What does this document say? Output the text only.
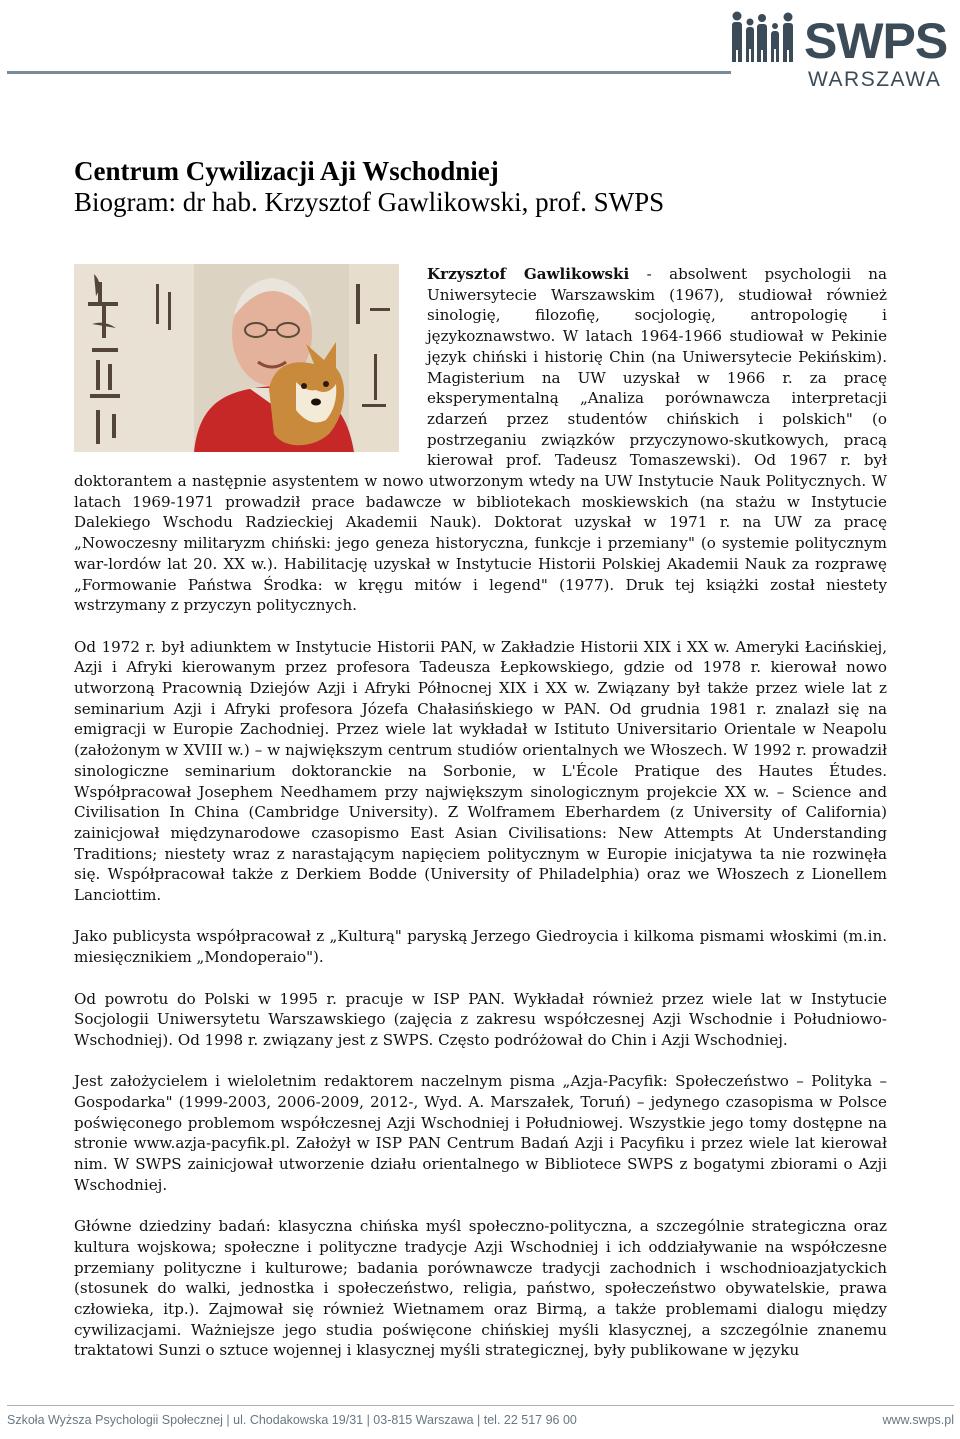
SWPS
WARSZAWA
Centrum Cywilizacji Aji Wschodniej
Biogram: dr hab. Krzysztof Gawlikowski, prof. SWPS

Krzysztof Gawlikowski - absolwent psychologii na Uniwersytecie Warszawskim (1967), studiował również sinologię, filozofię, socjologię, antropologię i językoznawstwo. W latach 1964-1966 studiował w Pekinie język chiński i historię Chin (na Uniwersytecie Pekińskim). Magisterium na UW uzyskał w 1966 r. za pracę eksperymentalną „Analiza porównawcza interpretacji zdarzeń przez studentów chińskich i polskich" (o postrzeganiu związków przyczynowo-skutkowych, pracą kierował prof. Tadeusz Tomaszewski). Od 1967 r. był doktorantem a następnie asystentem w nowo utworzonym wtedy na UW Instytucie Nauk Politycznych. W latach 1969-1971 prowadził prace badawcze w bibliotekach moskiewskich (na stażu w Instytucie Dalekiego Wschodu Radzieckiej Akademii Nauk). Doktorat uzyskał w 1971 r. na UW za pracę „Nowoczesny militaryzm chiński: jego geneza historyczna, funkcje i przemiany" (o systemie politycznym war-lordów lat 20. XX w.). Habilitację uzyskał w Instytucie Historii Polskiej Akademii Nauk za rozprawę „Formowanie Państwa Środka: w kręgu mitów i legend" (1977). Druk tej książki został niestety wstrzymany z przyczyn politycznych.

Od 1972 r. był adiunktem w Instytucie Historii PAN, w Zakładzie Historii XIX i XX w. Ameryki Łacińskiej, Azji i Afryki kierowanym przez profesora Tadeusza Łepkowskiego, gdzie od 1978 r. kierował nowo utworzoną Pracownią Dziejów Azji i Afryki Północnej XIX i XX w. Związany był także przez wiele lat z seminarium Azji i Afryki profesora Józefa Chałasińskiego w PAN. Od grudnia 1981 r. znalazł się na emigracji w Europie Zachodniej. Przez wiele lat wykładał w Istituto Universitario Orientale w Neapolu (założonym w XVIII w.) – w największym centrum studiów orientalnych we Włoszech. W 1992 r. prowadził sinologiczne seminarium doktoranckie na Sorbonie, w L'École Pratique des Hautes Études. Współpracował Josephem Needhamem przy największym sinologicznym projekcie XX w. – Science and Civilisation In China (Cambridge University). Z Wolframem Eberhardem (z University of California) zainicjował międzynarodowe czasopismo East Asian Civilisations: New Attempts At Understanding Traditions; niestety wraz z narastającym napięciem politycznym w Europie inicjatywa ta nie rozwinęła się. Współpracował także z Derkiem Bodde (University of Philadelphia) oraz we Włoszech z Lionellem Lanciottim.

Jako publicysta współpracował z „Kulturą" paryską Jerzego Giedroycia i kilkoma pismami włoskimi (m.in. miesięcznikiem „Mondoperaio").

Od powrotu do Polski w 1995 r. pracuje w ISP PAN. Wykładał również przez wiele lat w Instytucie Socjologii Uniwersytetu Warszawskiego (zajęcia z zakresu współczesnej Azji Wschodnie i Południowo-Wschodniej). Od 1998 r. związany jest z SWPS. Często podróżował do Chin i Azji Wschodniej.

Jest założycielem i wieloletnim redaktorem naczelnym pisma „Azja-Pacyfik: Społeczeństwo – Polityka – Gospodarka" (1999-2003, 2006-2009, 2012-, Wyd. A. Marszałek, Toruń) – jedynego czasopisma w Polsce poświęconego problemom współczesnej Azji Wschodniej i Południowej. Wszystkie jego tomy dostępne na stronie www.azja-pacyfik.pl. Założył w ISP PAN Centrum Badań Azji i Pacyfiku i przez wiele lat kierował nim. W SWPS zainicjował utworzenie działu orientalnego w Bibliotece SWPS z bogatymi zbiorami o Azji Wschodniej.

Główne dziedziny badań: klasyczna chińska myśl społeczno-polityczna, a szczególnie strategiczna oraz kultura wojskowa; społeczne i polityczne tradycje Azji Wschodniej i ich oddziaływanie na współczesne przemiany polityczne i kulturowe; badania porównawcze tradycji zachodnich i wschodnioazjatyckich (stosunek do walki, jednostka i społeczeństwo, religia, państwo, społeczeństwo obywatelskie, prawa człowieka, itp.). Zajmował się również Wietnamem oraz Birmą, a także problemami dialogu między cywilizacjami. Ważniejsze jego studia poświęcone chińskiej myśli klasycznej, a szczególnie znanemu traktatowi Sunzi o sztuce wojennej i klasycznej myśli strategicznej, były publikowane w języku

Szkoła Wyższa Psychologii Społecznej | ul. Chodakowska 19/31 | 03-815 Warszawa | tel. 22 517 96 00	www.swps.pl
